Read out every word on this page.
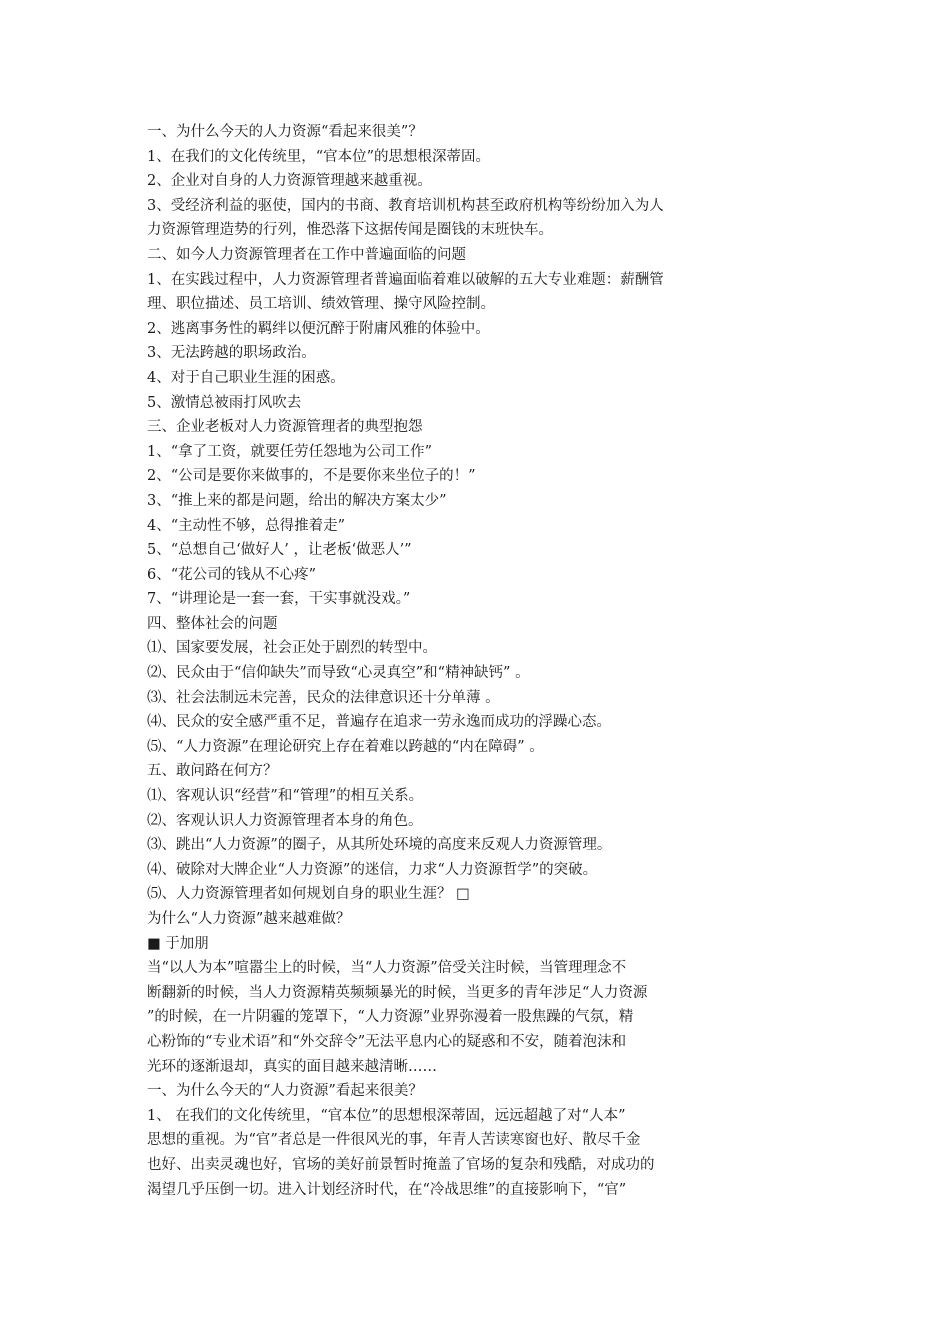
一、为什么今天的人力资源“看起来很美”？
1、在我们的文化传统里，“官本位”的思想根深蒂固。
2、企业对自身的人力资源管理越来越重视。
3、受经济利益的驱使，国内的书商、教育培训机构甚至政府机构等纷纷加入为人
力资源管理造势的行列，惟恐落下这据传闻是圈钱的末班快车。
二、如今人力资源管理者在工作中普遍面临的问题
1、在实践过程中，人力资源管理者普遍面临着难以破解的五大专业难题：薪酬管
理、职位描述、员工培训、绩效管理、操守风险控制。
2、逃离事务性的羁绊以便沉醉于附庸风雅的体验中。
3、无法跨越的职场政治。
4、对于自己职业生涯的困惑。
5、激情总被雨打风吹去
三、企业老板对人力资源管理者的典型抱怨
1、“拿了工资，就要任劳任怨地为公司工作”
2、“公司是要你来做事的，不是要你来坐位子的！”
3、“推上来的都是问题，给出的解决方案太少”
4、“主动性不够，总得推着走”
5、“总想自己‘做好人’ ，让老板‘做恶人’”
6、“花公司的钱从不心疼”
7、“讲理论是一套一套，干实事就没戏。”
四、整体社会的问题
⑴、国家要发展，社会正处于剧烈的转型中。
⑵、民众由于“信仰缺失”而导致“心灵真空”和“精神缺钙” 。
⑶、社会法制远未完善，民众的法律意识还十分单薄 。
⑷、民众的安全感严重不足，普遍存在追求一劳永逸而成功的浮躁心态。
⑸、“人力资源”在理论研究上存在着难以跨越的“内在障碍” 。
五、敢问路在何方？
⑴、客观认识“经营”和“管理”的相互关系。
⑵、客观认识人力资源管理者本身的角色。
⑶、跳出“人力资源”的圈子，从其所处环境的高度来反观人力资源管理。
⑷、破除对大牌企业“人力资源”的迷信，力求“人力资源哲学”的突破。
⑸、人力资源管理者如何规划自身的职业生涯？ □
为什么“人力资源”越来越难做？
■ 于加朋
当“以人为本”喧嚣尘上的时候，当“人力资源”倍受关注时候，当管理理念不
断翻新的时候，当人力资源精英频频暴光的时候，当更多的青年涉足“人力资源
”的时候，在一片阴霾的笼罩下，“人力资源”业界弥漫着一股焦躁的气氛，精
心粉饰的“专业术语”和“外交辞令”无法平息内心的疑惑和不安，随着泡沫和
光环的逐渐退却，真实的面目越来越清晰……
一、为什么今天的“人力资源”看起来很美？
1、 在我们的文化传统里，“官本位”的思想根深蒂固，远远超越了对“人本”
思想的重视。为“官”者总是一件很风光的事，年青人苦读寒窗也好、散尽千金
也好、出卖灵魂也好，官场的美好前景暂时掩盖了官场的复杂和残酷，对成功的
渴望几乎压倒一切。进入计划经济时代，在“冷战思维”的直接影响下，“官”
